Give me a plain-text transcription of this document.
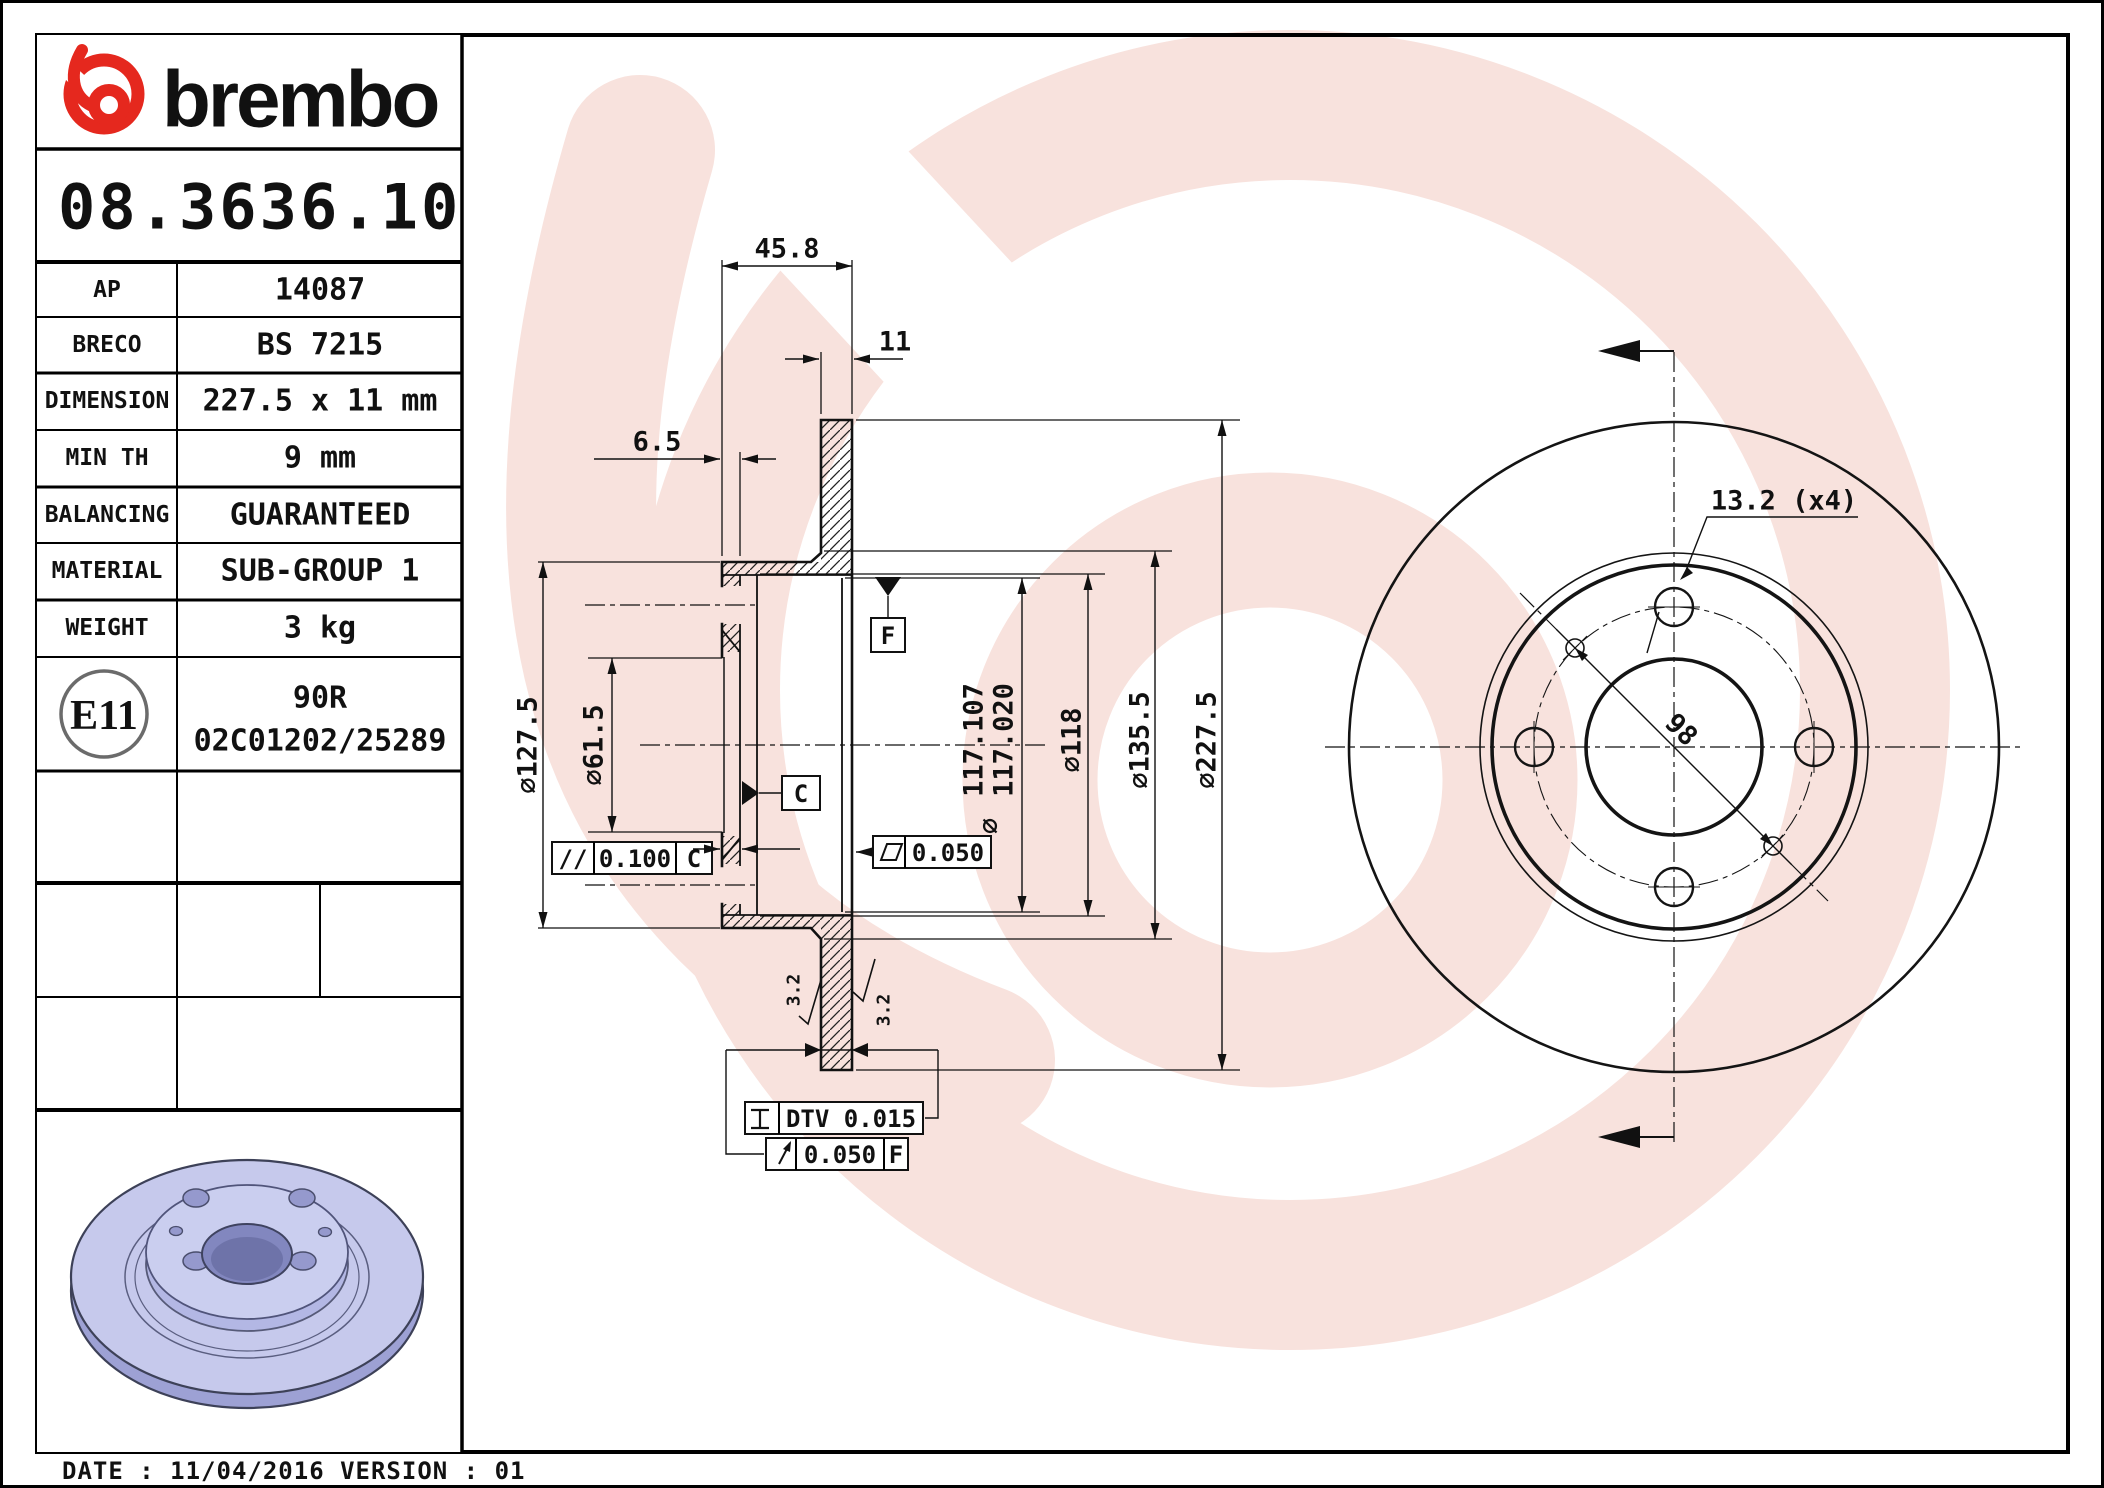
brembo
08.3636.10
AP	14087
BRECO	BS 7215
DIMENSION 227.5 x 11 mm
MIN TH	9 mm
BALANCING GUARANTEED
MATERIAL SUB-GROUP 1
WEIGHT	3 kg
E11	90R
02C01202/25289
DATE : 11/04/2016 VERSION : 01
45.8
11
6.5
⌀127.5 ⌀61.5	117.107 117.020
⌀
⌀118 ⌀135.5 ⌀227.5
C
F
// 0.100 C	0.050
3.2
3.2
DTV 0.015
0.050 F
98
13.2 (x4)
